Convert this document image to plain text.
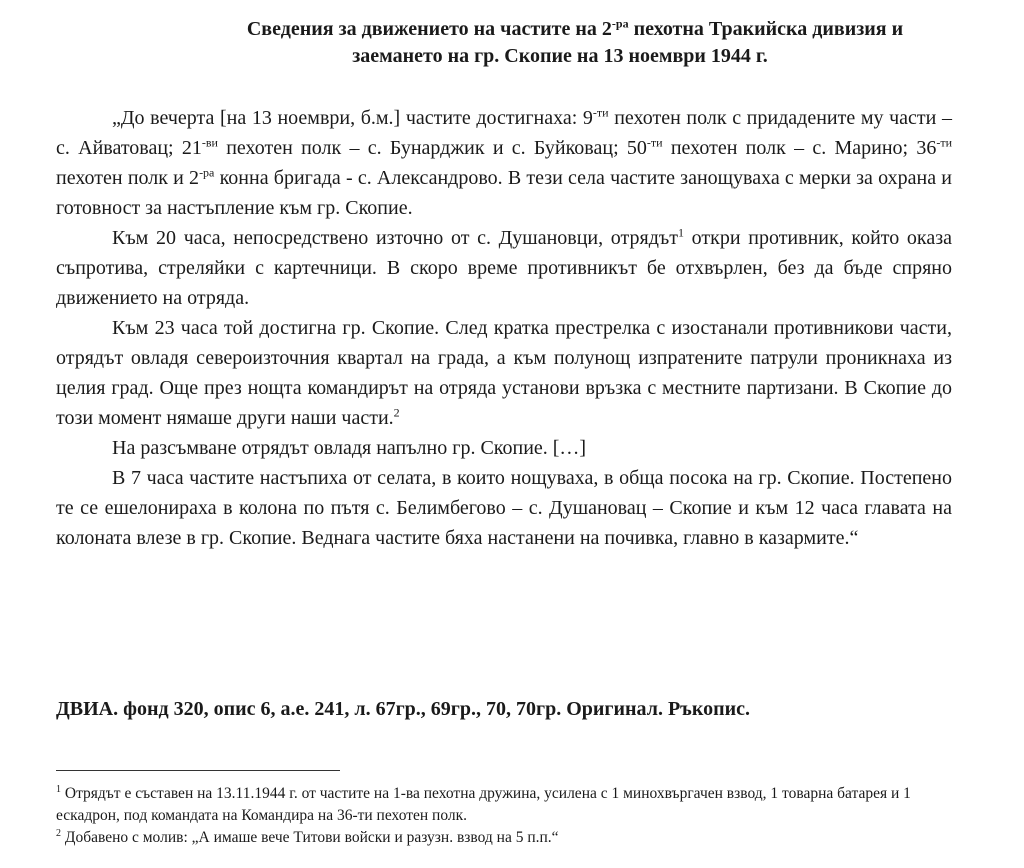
Сведения за движението на частите на $2^{-ра}$ пехотна Тракийска дивизия и
заемането на гр. Скопие на 13 ноември 1944 г.

„До вечерта [на 13 ноември, б.м.] частите достигнаха: $9^{-ти}$ пехотен полк с придадените му части – с. Айватовац; $21^{-ви}$ пехотен полк – с. Бунарджик и с. Буйковац; $50^{-ти}$ пехотен полк – с. Марино; $36^{-ти}$ пехотен полк и $2^{-ра}$ конна бригада - с. Александрово. В тези села частите занощуваха с мерки за охрана и готовност за настъпление към гр. Скопие.

Към 20 часа, непосредствено източно от с. Душановци, отрядът$^1$ откри противник, който оказа съпротива, стреляйки с картечници. В скоро време противникът бе отхвърлен, без да бъде спряно движението на отряда.

Към 23 часа той достигна гр. Скопие. След кратка престрелка с изостанали противникови части, отрядът овладя североизточния квартал на града, а към полунощ изпратените патрули проникнаха из целия град. Още през нощта командирът на отряда установи връзка с местните партизани. В Скопие до този момент нямаше други наши части.$^2$

На разсъмване отрядът овладя напълно гр. Скопие. […]

В 7 часа частите настъпиха от селата, в които нощуваха, в обща посока на гр. Скопие. Постепено те се ешелонираха в колона по пътя с. Белимбегово – с. Душановац – Скопие и към 12 часа главата на колоната влезе в гр. Скопие. Веднага частите бяха настанени на почивка, главно в казармите.“

ДВИА. фонд 320, опис 6, а.е. 241, л. 67гр., 69гр., 70, 70гр. Оригинал. Ръкопис.

$^1$ Отрядът е съставен на 13.11.1944 г. от частите на 1-ва пехотна дружина, усилена с 1 минохвъргачен взвод, 1 товарна батарея и 1 ескадрон, под командата на Командира на 36-ти пехотен полк.

$^2$ Добавено с молив: „А имаше вече Титови войски и разузн. взвод на 5 п.п.“
